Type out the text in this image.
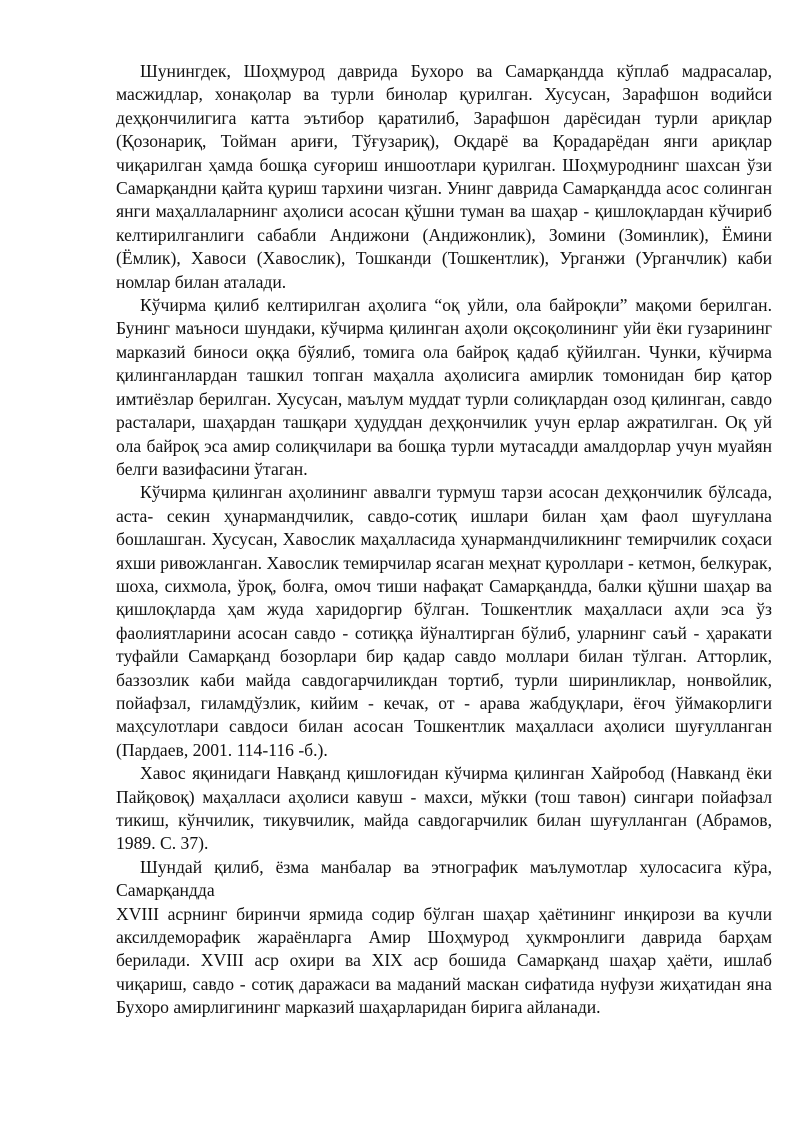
Шунингдек, Шоҳмурод даврида Бухоро ва Самарқандда кўплаб мадрасалар, масжидлар, хонақолар ва турли бинолар қурилган. Хусусан, Зарафшон водийси деҳқончилигига катта эътибор қаратилиб, Зарафшон дарёсидан турли ариқлар (Қозонариқ, Тойман ариғи, Тўғузариқ), Оқдарё ва Қорадарёдан янги ариқлар чиқарилган ҳамда бошқа суғориш иншоотлари қурилган. Шоҳмуроднинг шахсан ўзи Самарқандни қайта қуриш тархини чизган. Унинг даврида Самарқандда асос солинган янги маҳаллаларнинг аҳолиси асосан қўшни туман ва шаҳар - қишлоқлардан кўчириб келтирилганлиги сабабли Андижони (Андижонлик), Зомини (Зоминлик), Ёмини (Ёмлик), Хавоси (Хавослик), Тошканди (Тошкентлик), Урганжи (Урганчлик) каби номлар билан аталади.

Кўчирма қилиб келтирилган аҳолига “оқ уйли, ола байроқли” мақоми берилган. Бунинг маъноси шундаки, кўчирма қилинган аҳоли оқсоқолининг уйи ёки гузарининг марказий биноси оққа бўялиб, томига ола байроқ қадаб қўйилган. Чунки, кўчирма қилинганлардан ташкил топган маҳалла аҳолисига амирлик томонидан бир қатор имтиёзлар берилган. Хусусан, маълум муддат турли солиқлардан озод қилинган, савдо расталари, шаҳардан ташқари ҳудуддан деҳқончилик учун ерлар ажратилган. Оқ уй ола байроқ эса амир солиқчилари ва бошқа турли мутасадди амалдорлар учун муайян белги вазифасини ўтаган.

Кўчирма қилинган аҳолининг аввалги турмуш тарзи асосан деҳқончилик бўлсада, аста- секин ҳунармандчилик, савдо-сотиқ ишлари билан ҳам фаол шуғуллана бошлашган. Хусусан, Хавослик маҳалласида ҳунармандчиликнинг темирчилик соҳаси яхши ривожланган. Хавослик темирчилар ясаган меҳнат қуроллари - кетмон, белкурак, шоха, сихмола, ўроқ, болға, омоч тиши нафақат Самарқандда, балки қўшни шаҳар ва қишлоқларда ҳам жуда харидоргир бўлган. Тошкентлик маҳалласи аҳли эса ўз фаолиятларини асосан савдо - сотиққа йўналтирган бўлиб, уларнинг саъй - ҳаракати туфайли Самарқанд бозорлари бир қадар савдо моллари билан тўлган. Атторлик, баззозлик каби майда савдогарчиликдан тортиб, турли ширинликлар, нонвойлик, пойафзал, гиламдўзлик, кийим - кечак, от - арава жабдуқлари, ёғоч ўймакорлиги маҳсулотлари савдоси билан асосан Тошкентлик маҳалласи аҳолиси шуғулланган (Пардаев, 2001. 114-116 -б.).

Хавос яқинидаги Навқанд қишлоғидан кўчирма қилинган Хайробод (Навканд ёки Пайқовоқ) маҳалласи аҳолиси кавуш - махси, мўкки (тош тавон) сингари пойафзал тикиш, кўнчилик, тикувчилик, майда савдогарчилик билан шуғулланган (Абрамов, 1989. С. 37).

Шундай қилиб, ёзма манбалар ва этнографик маълумотлар хулосасига кўра, Самарқандда

XVIII асрнинг биринчи ярмида содир бўлган шаҳар ҳаётининг инқирози ва кучли аксилдеморафик жараёнларга Амир Шоҳмурод ҳукмронлиги даврида барҳам берилади. XVIII аср охири ва XIX аср бошида Самарқанд шаҳар ҳаёти, ишлаб чиқариш, савдо - сотиқ даражаси ва маданий маскан сифатида нуфузи жиҳатидан яна Бухоро амирлигининг марказий шаҳарларидан бирига айланади.
